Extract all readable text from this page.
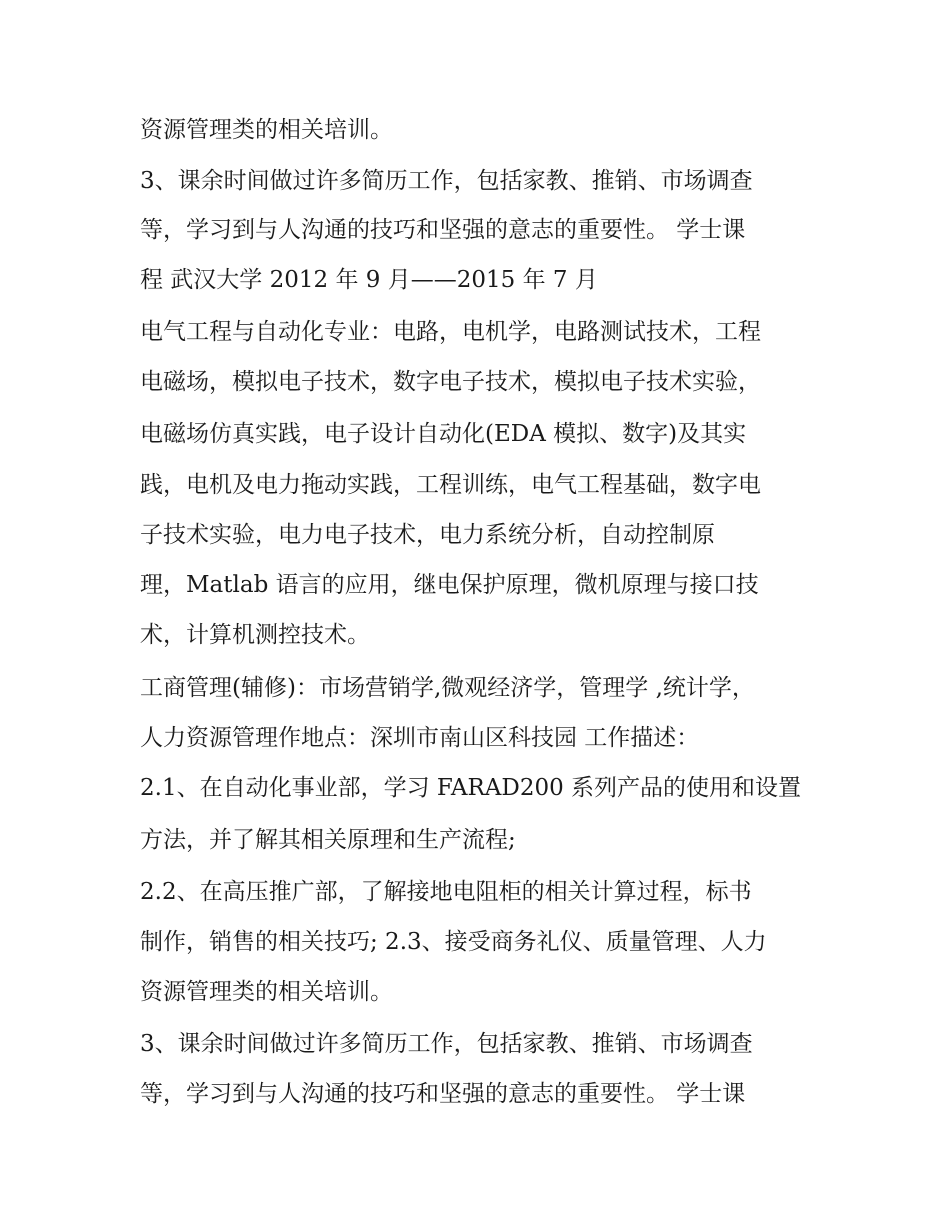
资源管理类的相关培训。
3、课余时间做过许多简历工作，包括家教、推销、市场调查
等，学习到与人沟通的技巧和坚强的意志的重要性。 学士课
程 武汉大学 2012 年 9 月——2015 年 7 月
电气工程与自动化专业：电路，电机学，电路测试技术，工程
电磁场，模拟电子技术，数字电子技术，模拟电子技术实验，
电磁场仿真实践，电子设计自动化(EDA 模拟、数字)及其实
践，电机及电力拖动实践，工程训练，电气工程基础，数字电
子技术实验，电力电子技术，电力系统分析，自动控制原
理，Matlab 语言的应用，继电保护原理，微机原理与接口技
术，计算机测控技术。
工商管理(辅修)：市场营销学,微观经济学，管理学 ,统计学，
人力资源管理作地点：深圳市南山区科技园 工作描述：
2.1、在自动化事业部，学习 FARAD200 系列产品的使用和设置
方法，并了解其相关原理和生产流程;
2.2、在高压推广部，了解接地电阻柜的相关计算过程，标书
制作，销售的相关技巧; 2.3、接受商务礼仪、质量管理、人力
资源管理类的相关培训。
3、课余时间做过许多简历工作，包括家教、推销、市场调查
等，学习到与人沟通的技巧和坚强的意志的重要性。 学士课
